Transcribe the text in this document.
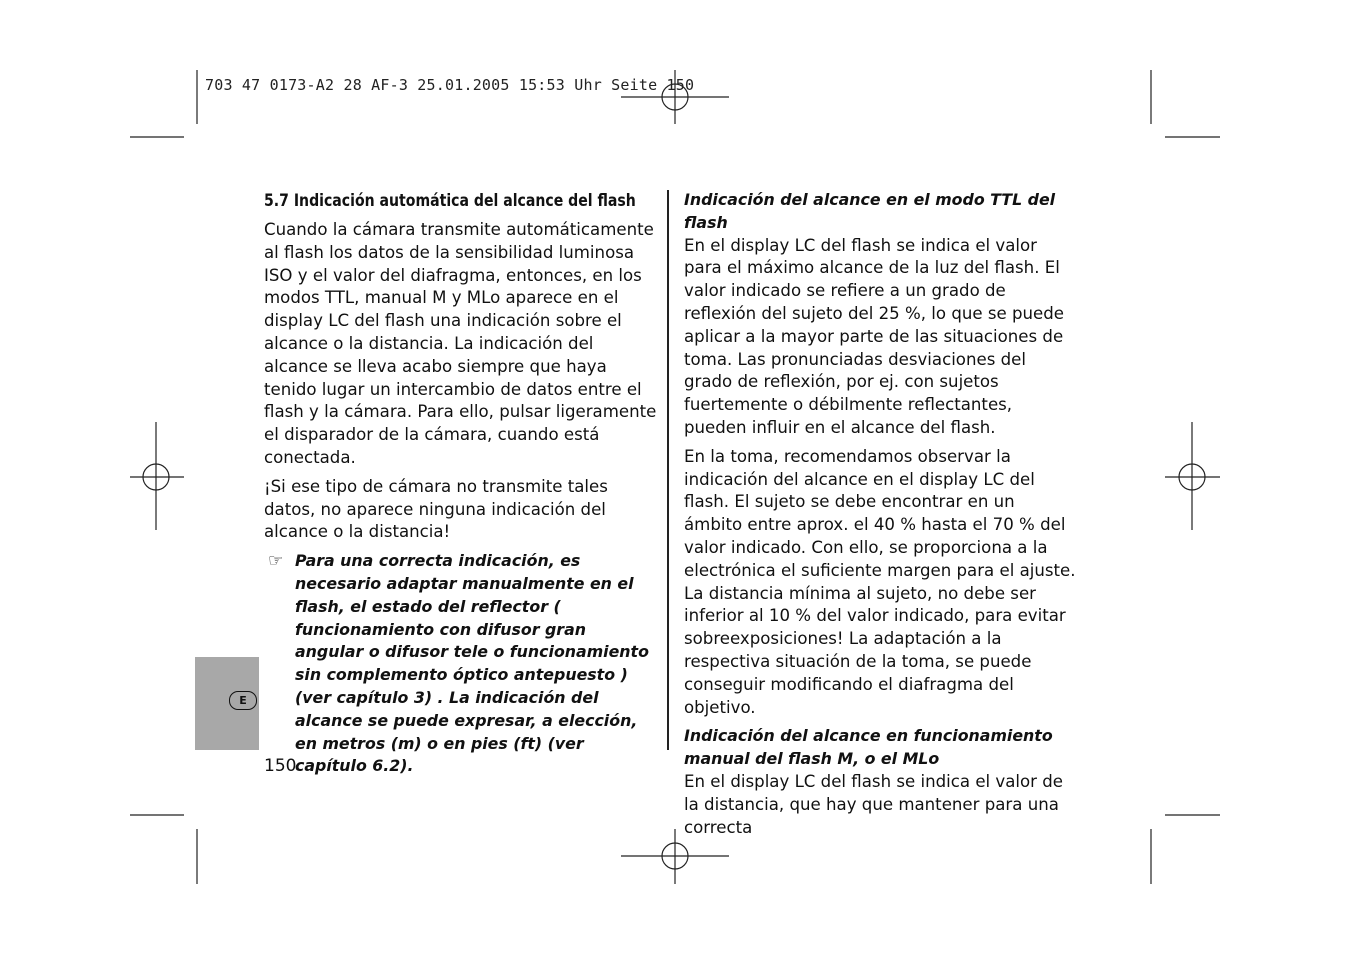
703 47 0173-A2 28 AF-3 25.01.2005 15:53 Uhr Seite 150
E
5.7 Indicación automática del alcance del flash

Cuando la cámara transmite automáticamente al flash los datos de la sensibilidad luminosa ISO y el valor del diafragma, entonces, en los modos TTL, manual M y MLo aparece en el display LC del flash una indicación sobre el alcance o la distancia. La indicación del alcance se lleva acabo siempre que haya tenido lugar un intercambio de datos entre el flash y la cámara. Para ello, pulsar ligeramente el disparador de la cámara, cuando está conectada.

¡Si ese tipo de cámara no transmite tales datos, no aparece ninguna indicación del alcance o la distancia!

☞ Para una correcta indicación, es necesario adaptar manualmente en el flash, el estado del reflector ( funcionamiento con difusor gran angular o difusor tele o funcionamiento sin complemento óptico antepuesto ) (ver capítulo 3) . La indicación del alcance se puede expresar, a elección, en metros (m) o en pies (ft) (ver capítulo 6.2).

Indicación del alcance en el modo TTL del flash

En el display LC del flash se indica el valor para el máximo alcance de la luz del flash. El valor indicado se refiere a un grado de reflexión del sujeto del 25 %, lo que se puede aplicar a la mayor parte de las situaciones de toma. Las pronunciadas desviaciones del grado de reflexión, por ej. con sujetos fuertemente o débilmente reflectantes, pueden influir en el alcance del flash.

En la toma, recomendamos observar la indicación del alcance en el display LC del flash. El sujeto se debe encontrar en un ámbito entre aprox. el 40 % hasta el 70 % del valor indicado. Con ello, se proporciona a la electrónica el suficiente margen para el ajuste. La distancia mínima al sujeto, no debe ser inferior al 10 % del valor indicado, para evitar sobreexposiciones! La adaptación a la respectiva situación de la toma, se puede conseguir modificando el diafragma del objetivo.

Indicación del alcance en funcionamiento manual del flash M, o el MLo

En el display LC del flash se indica el valor de la distancia, que hay que mantener para una correcta

150
